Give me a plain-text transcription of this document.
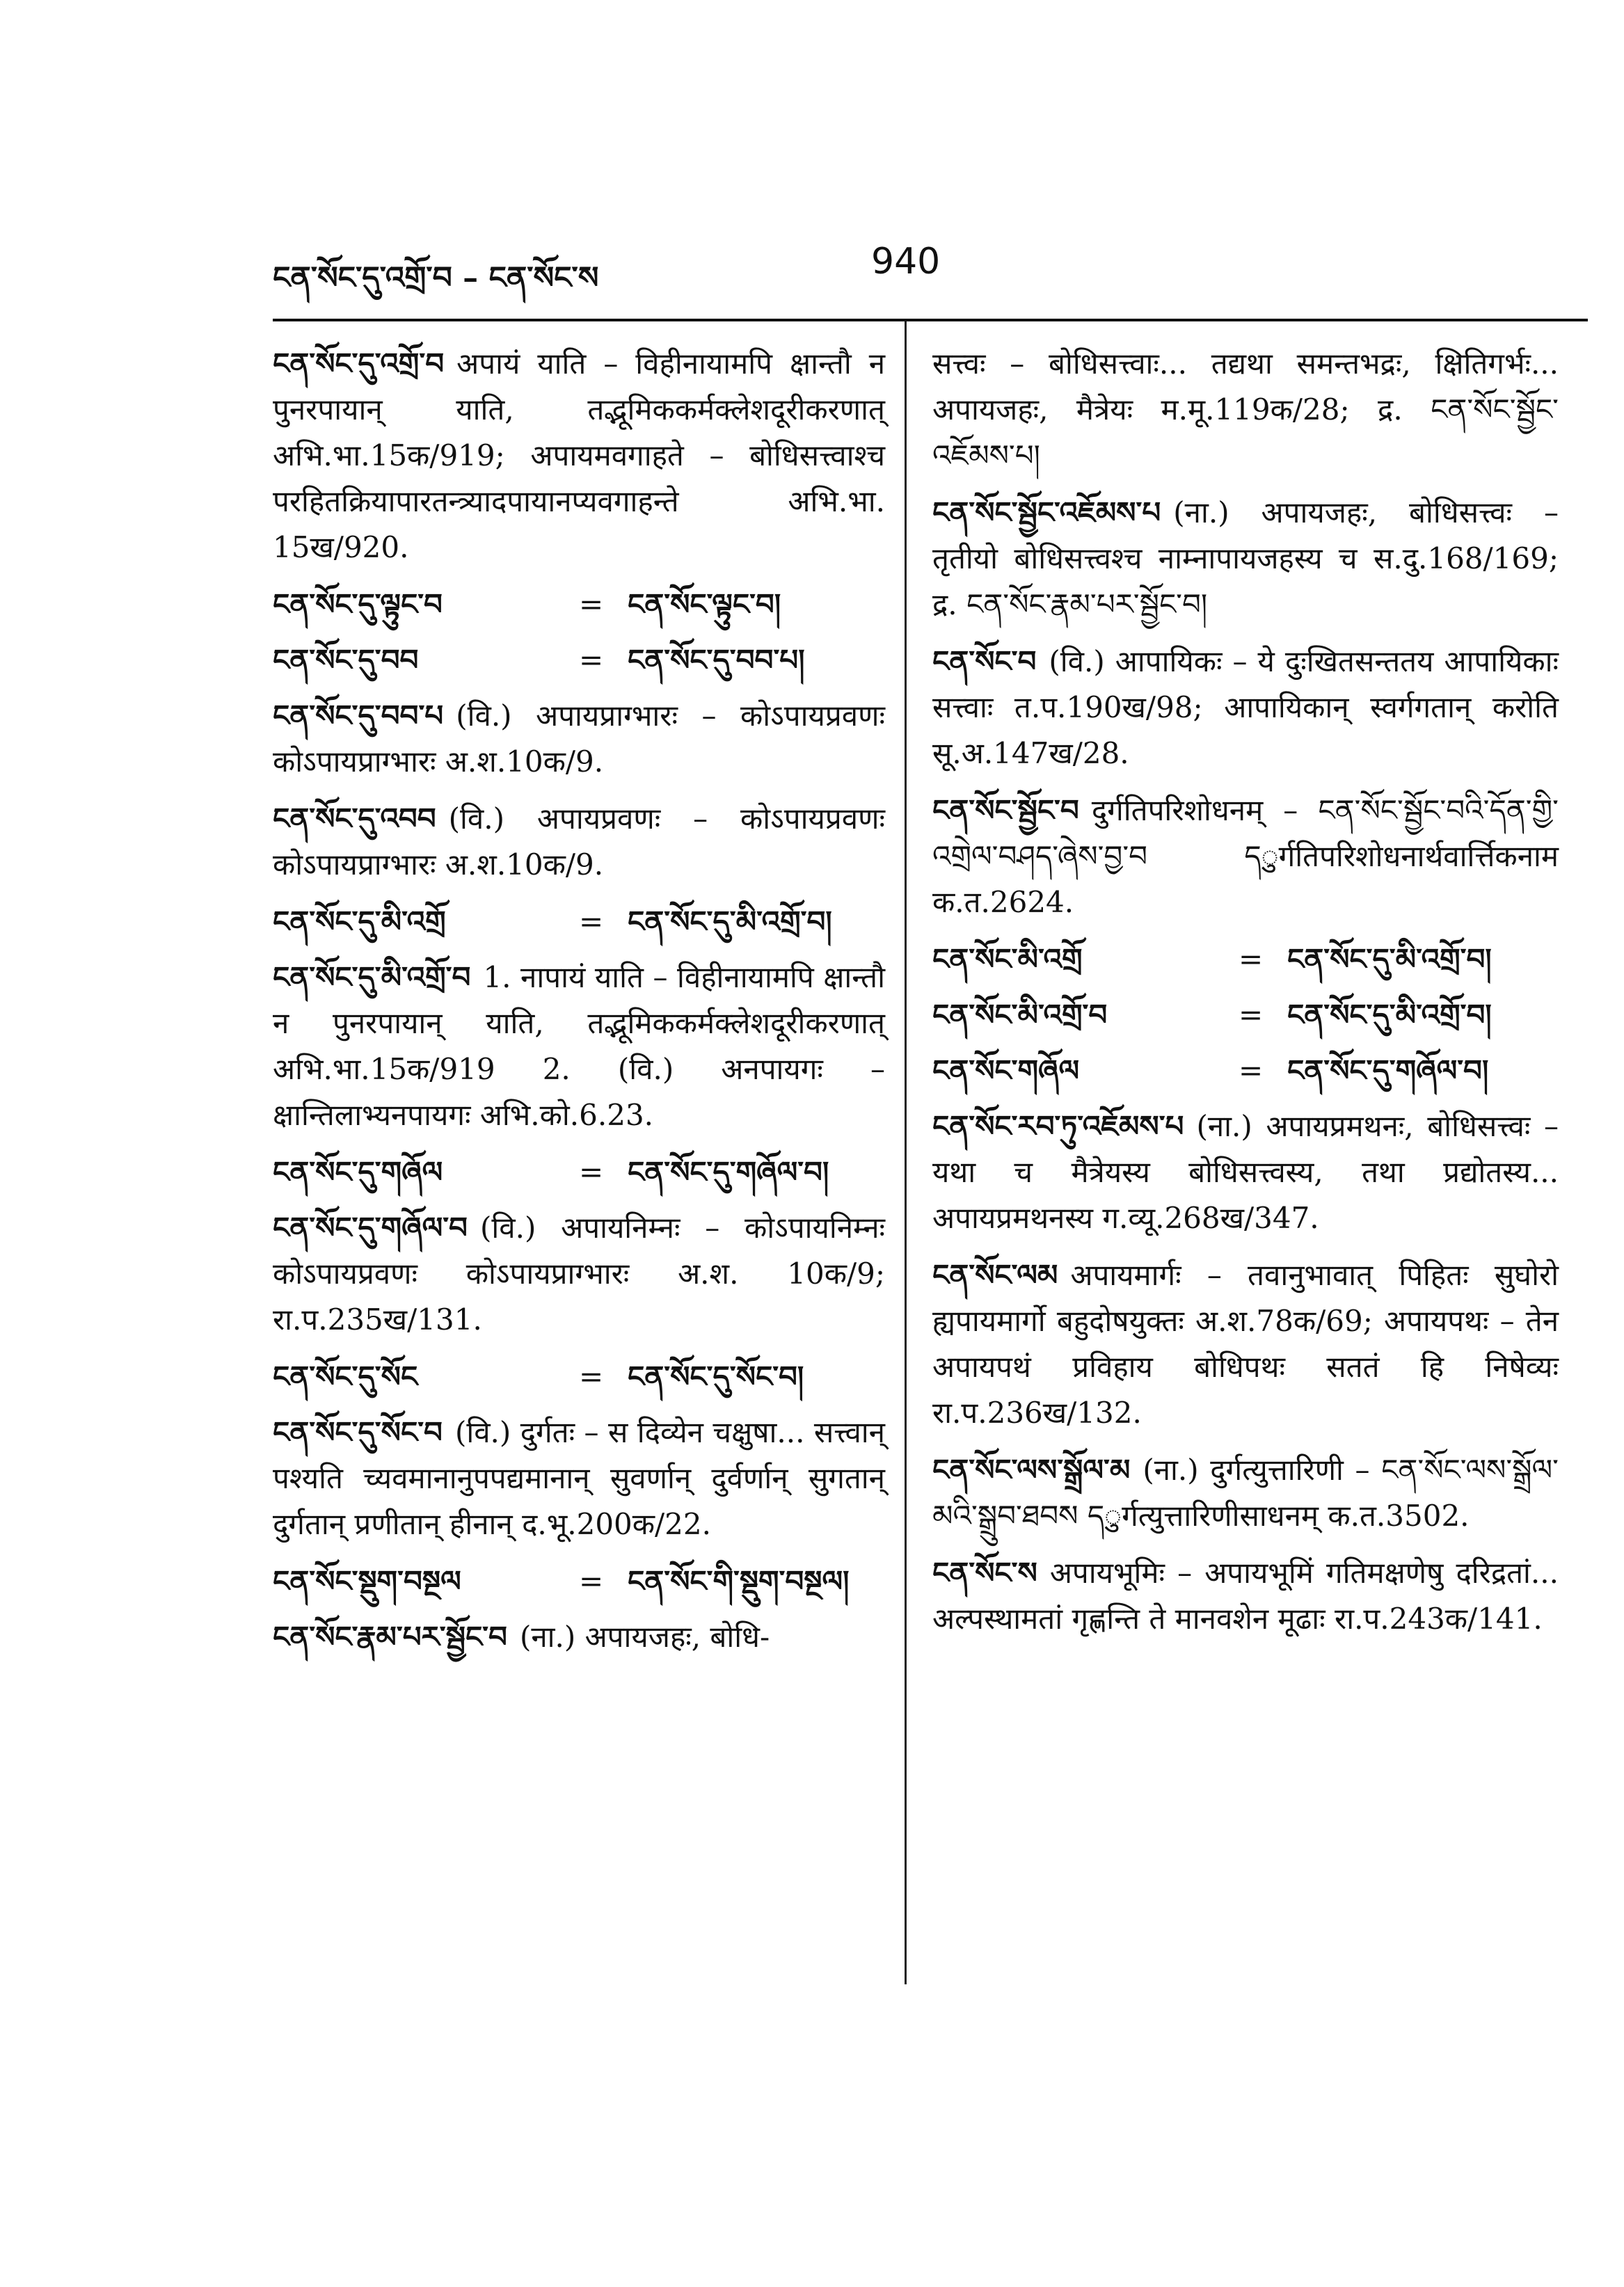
ངན་སོང་དུ་འགྲོ་བ – ངན་སོང་ས	940
ངན་སོང་དུ་འགྲོ་བ अपायं याति – विहीनायामपि क्षान्तौ न पुनरपायान् याति, तद्भूमिककर्मक्लेशदूरीकरणात् अभि.भा.15क/919; अपायमवगाहते – बोधिसत्त्वाश्च परहितक्रियापारतन्त्र्यादपायानप्यवगाहन्ते अभि.भा. 15ख/920.
ངན་སོང་དུ་ལྟུང་བ	= ངན་སོང་ལྟུང་བ།
ངན་སོང་དུ་བབ	= ངན་སོང་དུ་བབ་པ།
ངན་སོང་དུ་བབ་པ (वि.) अपायप्राग्भारः – कोऽपायप्रवणः कोऽपायप्राग्भारः अ.श.10क/9.
ངན་སོང་དུ་འབབ (वि.) अपायप्रवणः – कोऽपायप्रवणः कोऽपायप्राग्भारः अ.श.10क/9.
ངན་སོང་དུ་མི་འགྲོ	= ངན་སོང་དུ་མི་འགྲོ་བ།
ངན་སོང་དུ་མི་འགྲོ་བ 1. नापायं याति – विहीनायामपि क्षान्तौ न पुनरपायान् याति, तद्भूमिककर्मक्लेशदूरीकरणात् अभि.भा.15क/919 2. (वि.) अनपायगः – क्षान्तिलाभ्यनपायगः अभि.को.6.23.
ངན་སོང་དུ་གཞོལ	= ངན་སོང་དུ་གཞོལ་བ།
ངན་སོང་དུ་གཞོལ་བ (वि.) अपायनिम्नः – कोऽपायनिम्नः कोऽपायप्रवणः कोऽपायप्राग्भारः अ.श. 10क/9; रा.प.235ख/131.
ངན་སོང་དུ་སོང	= ངན་སོང་དུ་སོང་བ།
ངན་སོང་དུ་སོང་བ (वि.) दुर्गतः – स दिव्येन चक्षुषा... सत्त्वान् पश्यति च्यवमानानुपपद्यमानान् सुवर्णान् दुर्वर्णान् सुगतान् दुर्गतान् प्रणीतान् हीनान् द.भू.200क/22.
ངན་སོང་སྡུག་བསྔལ	= ངན་སོང་གི་སྡུག་བསྔལ།
ངན་སོང་རྣམ་པར་སྦྱོང་བ (ना.) अपायजहः, बोधि-
सत्त्वः – बोधिसत्त्वाः... तद्यथा समन्तभद्रः, क्षितिगर्भः... अपायजहः, मैत्रेयः म.मू.119क/28; द्र. ངན་སོང་སྦྱོང་འཇོམས་པ།
ངན་སོང་སྦྱོང་འཇོམས་པ (ना.) अपायजहः, बोधिसत्त्वः – तृतीयो बोधिसत्त्वश्च नाम्नापायजहस्य च स.दु.168/169; द्र. ངན་སོང་རྣམ་པར་སྦྱོང་བ།
ངན་སོང་བ (वि.) आपायिकः – ये दुःखितसन्ततय आपायिकाः सत्त्वाः त.प.190ख/98; आपायिकान् स्वर्गगतान् करोति सू.अ.147ख/28.
ངན་སོང་སྦྱོང་བ दुर्गतिपरिशोधनम् – ངན་སོང་སྦྱོང་བའི་དོན་གྱི་འགྲེལ་བཤད་ཞེས་བྱ་བ དुर्गतिपरिशोधनार्थवार्त्तिकनाम क.त.2624.
ངན་སོང་མི་འགྲོ	= ངན་སོང་དུ་མི་འགྲོ་བ།
ངན་སོང་མི་འགྲོ་བ	= ངན་སོང་དུ་མི་འགྲོ་བ།
ངན་སོང་གཞོལ	= ངན་སོང་དུ་གཞོལ་བ།
ངན་སོང་རབ་ཏུ་འཇོམས་པ (ना.) अपायप्रमथनः, बोधिसत्त्वः – यथा च मैत्रेयस्य बोधिसत्त्वस्य, तथा प्रद्योतस्य... अपायप्रमथनस्य ग.व्यू.268ख/347.
ངན་སོང་ལམ अपायमार्गः – तवानुभावात् पिहितः सुघोरो ह्यपायमार्गो बहुदोषयुक्तः अ.श.78क/69; अपायपथः – तेन अपायपथं प्रविहाय बोधिपथः सततं हि निषेव्यः रा.प.236ख/132.
ངན་སོང་ལས་སྒྲོལ་མ (ना.) दुर्गत्युत्तारिणी – ངན་སོང་ལས་སྒྲོལ་མའི་སྒྲུབ་ཐབས དुर्गत्युत्तारिणीसाधनम् क.त.3502.
ངན་སོང་ས अपायभूमिः – अपायभूमिं गतिमक्षणेषु दरिद्रतां... अल्पस्थामतां गृह्णन्ति ते मानवशेन मूढाः रा.प.243क/141.
